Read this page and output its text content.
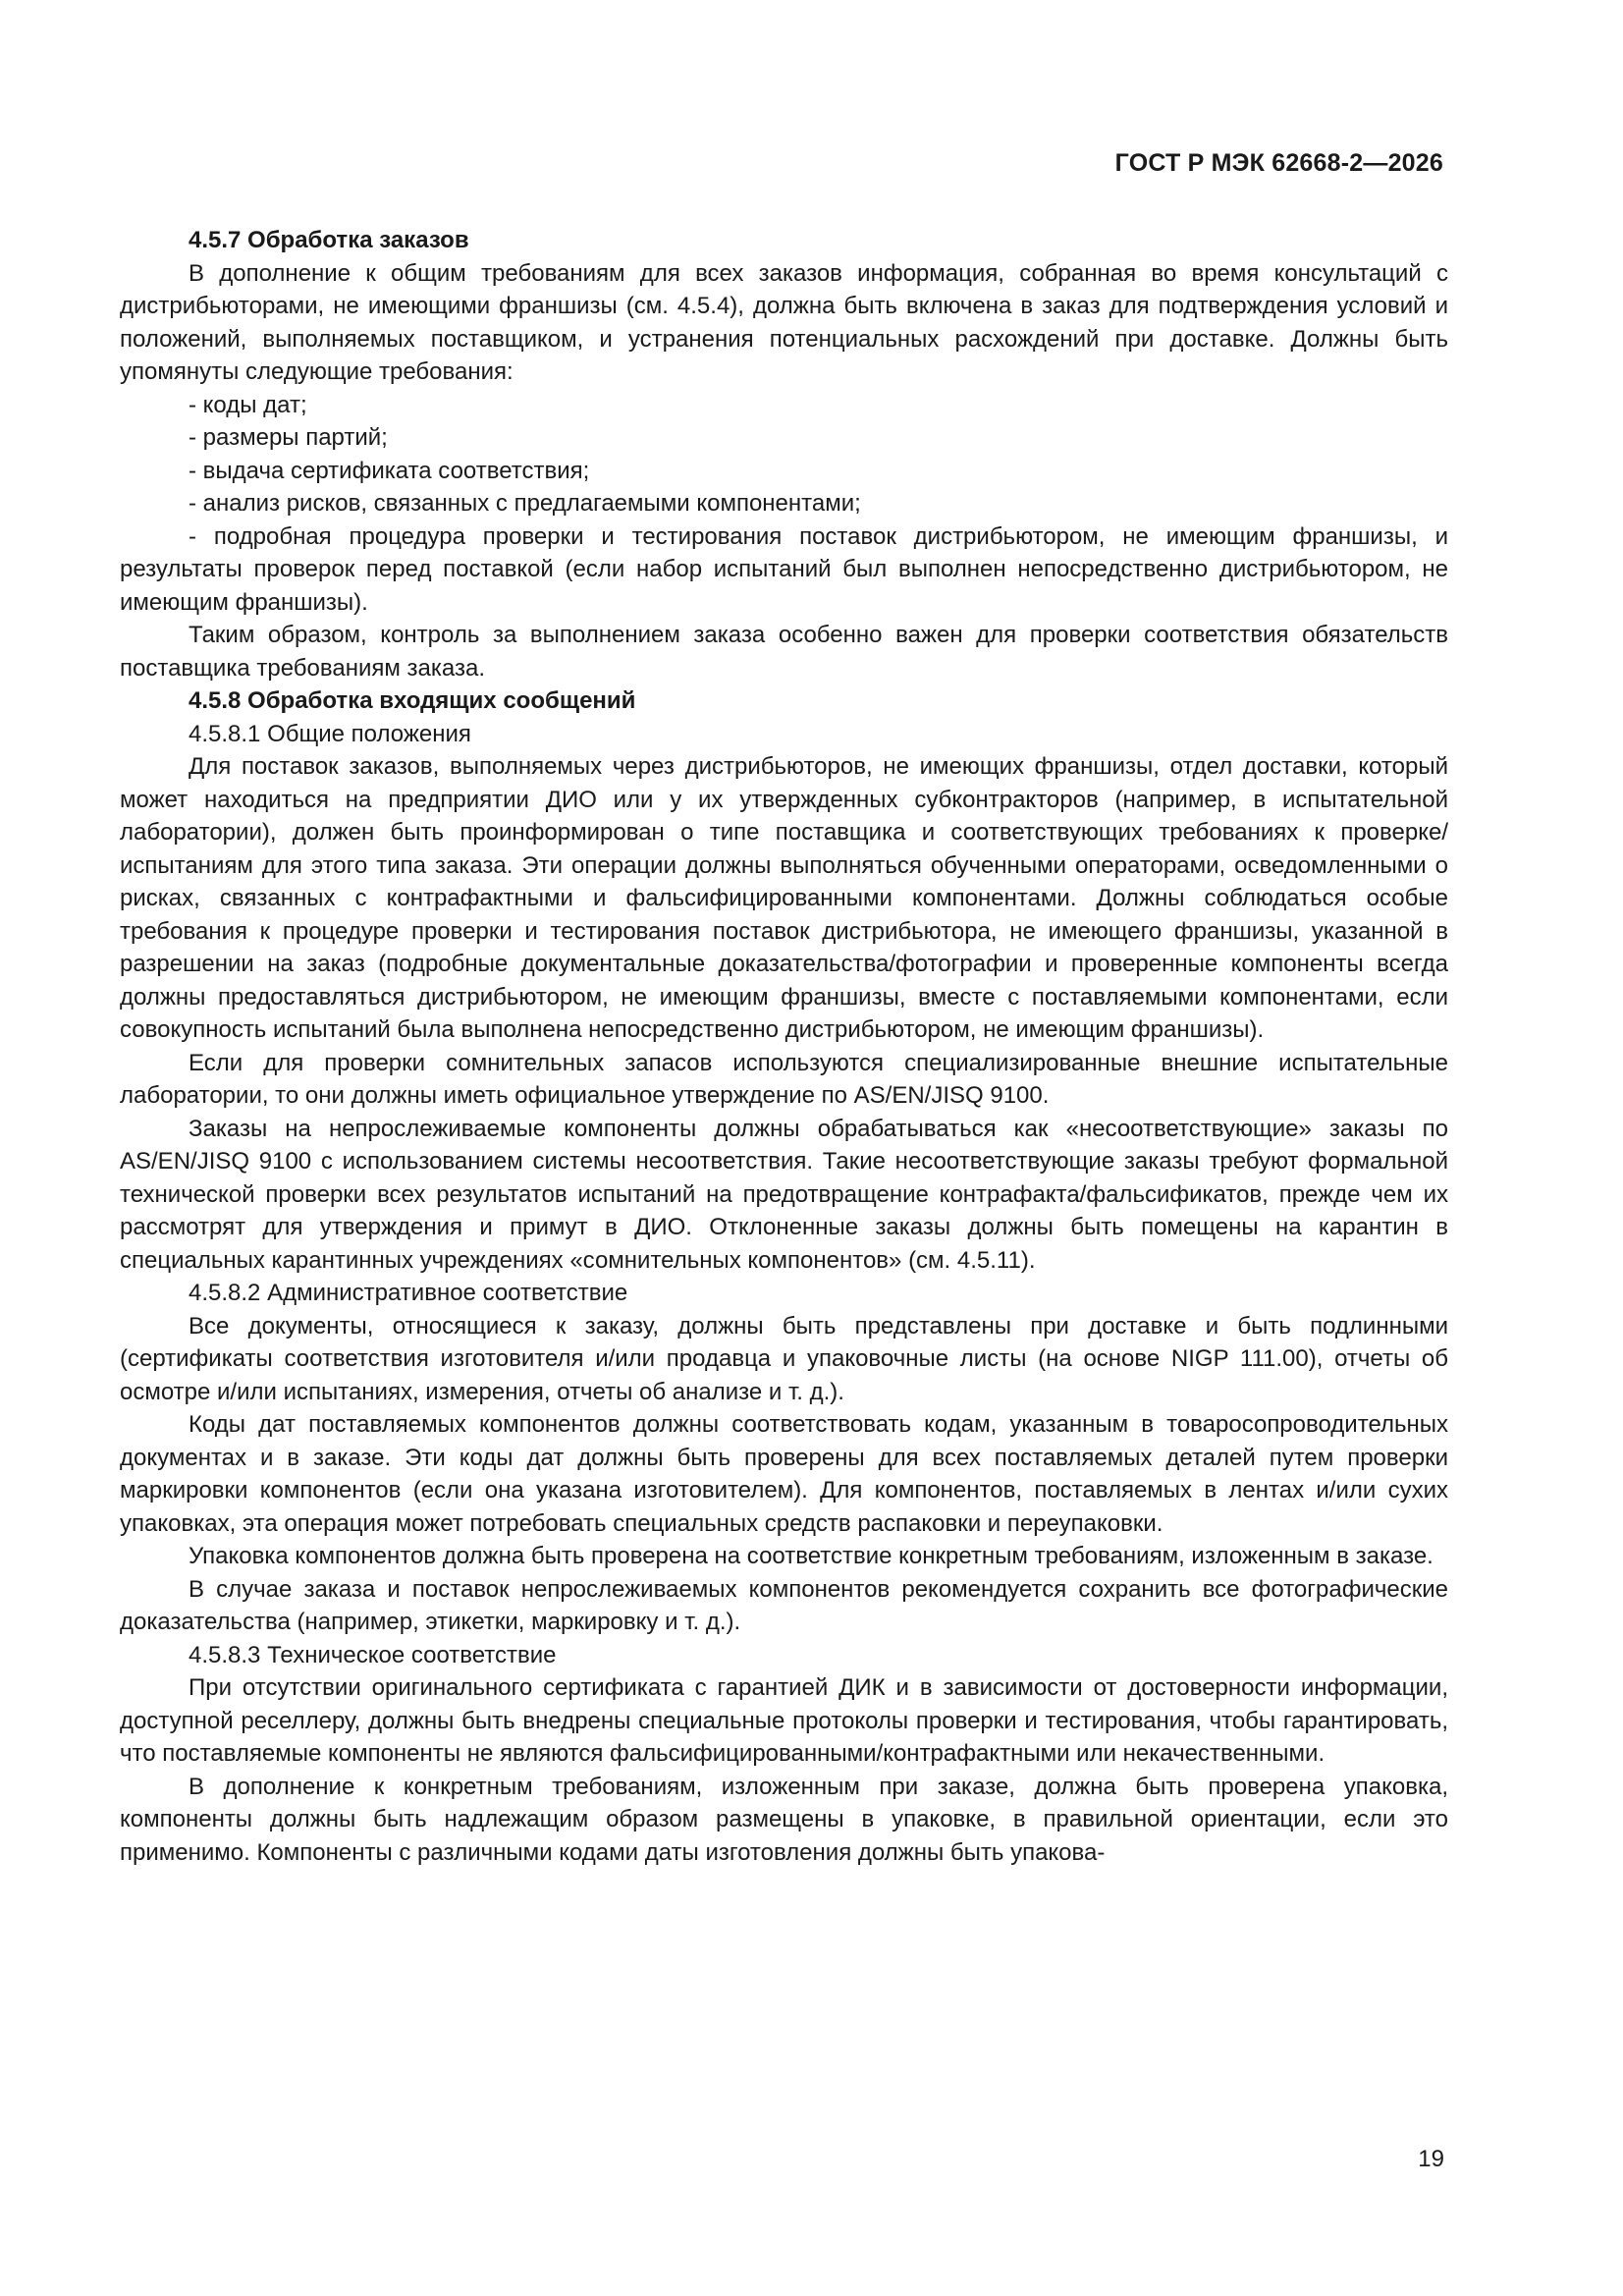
ГОСТ Р МЭК 62668-2—2026
4.5.7 Обработка заказов

В дополнение к общим требованиям для всех заказов информация, собранная во время консультаций с дистрибьюторами, не имеющими франшизы (см. 4.5.4), должна быть включена в заказ для подтверждения условий и положений, выполняемых поставщиком, и устранения потенциальных расхождений при доставке. Должны быть упомянуты следующие требования:

- коды дат;
- размеры партий;
- выдача сертификата соответствия;
- анализ рисков, связанных с предлагаемыми компонентами;
- подробная процедура проверки и тестирования поставок дистрибьютором, не имеющим франшизы, и результаты проверок перед поставкой (если набор испытаний был выполнен непосредственно дистрибьютором, не имеющим франшизы).

Таким образом, контроль за выполнением заказа особенно важен для проверки соответствия обязательств поставщика требованиям заказа.

4.5.8 Обработка входящих сообщений
4.5.8.1 Общие положения

Для поставок заказов, выполняемых через дистрибьюторов, не имеющих франшизы, отдел доставки, который может находиться на предприятии ДИО или у их утвержденных субконтракторов (например, в испытательной лаборатории), должен быть проинформирован о типе поставщика и соответствующих требованиях к проверке/испытаниям для этого типа заказа. Эти операции должны выполняться обученными операторами, осведомленными о рисках, связанных с контрафактными и фальсифицированными компонентами. Должны соблюдаться особые требования к процедуре проверки и тестирования поставок дистрибьютора, не имеющего франшизы, указанной в разрешении на заказ (подробные документальные доказательства/фотографии и проверенные компоненты всегда должны предоставляться дистрибьютором, не имеющим франшизы, вместе с поставляемыми компонентами, если совокупность испытаний была выполнена непосредственно дистрибьютором, не имеющим франшизы).

Если для проверки сомнительных запасов используются специализированные внешние испытательные лаборатории, то они должны иметь официальное утверждение по AS/EN/JISQ 9100.

Заказы на непрослеживаемые компоненты должны обрабатываться как «несоответствующие» заказы по AS/EN/JISQ 9100 с использованием системы несоответствия. Такие несоответствующие заказы требуют формальной технической проверки всех результатов испытаний на предотвращение контрафакта/фальсификатов, прежде чем их рассмотрят для утверждения и примут в ДИО. Отклоненные заказы должны быть помещены на карантин в специальных карантинных учреждениях «сомнительных компонентов» (см. 4.5.11).

4.5.8.2 Административное соответствие

Все документы, относящиеся к заказу, должны быть представлены при доставке и быть подлинными (сертификаты соответствия изготовителя и/или продавца и упаковочные листы (на основе NIGP 111.00), отчеты об осмотре и/или испытаниях, измерения, отчеты об анализе и т. д.).

Коды дат поставляемых компонентов должны соответствовать кодам, указанным в товаросопроводительных документах и в заказе. Эти коды дат должны быть проверены для всех поставляемых деталей путем проверки маркировки компонентов (если она указана изготовителем). Для компонентов, поставляемых в лентах и/или сухих упаковках, эта операция может потребовать специальных средств распаковки и переупаковки.

Упаковка компонентов должна быть проверена на соответствие конкретным требованиям, изложенным в заказе.

В случае заказа и поставок непрослеживаемых компонентов рекомендуется сохранить все фотографические доказательства (например, этикетки, маркировку и т. д.).

4.5.8.3 Техническое соответствие

При отсутствии оригинального сертификата с гарантией ДИК и в зависимости от достоверности информации, доступной реселлеру, должны быть внедрены специальные протоколы проверки и тестирования, чтобы гарантировать, что поставляемые компоненты не являются фальсифицированными/контрафактными или некачественными.

В дополнение к конкретным требованиям, изложенным при заказе, должна быть проверена упаковка, компоненты должны быть надлежащим образом размещены в упаковке, в правильной ориентации, если это применимо. Компоненты с различными кодами даты изготовления должны быть упакова-

19
